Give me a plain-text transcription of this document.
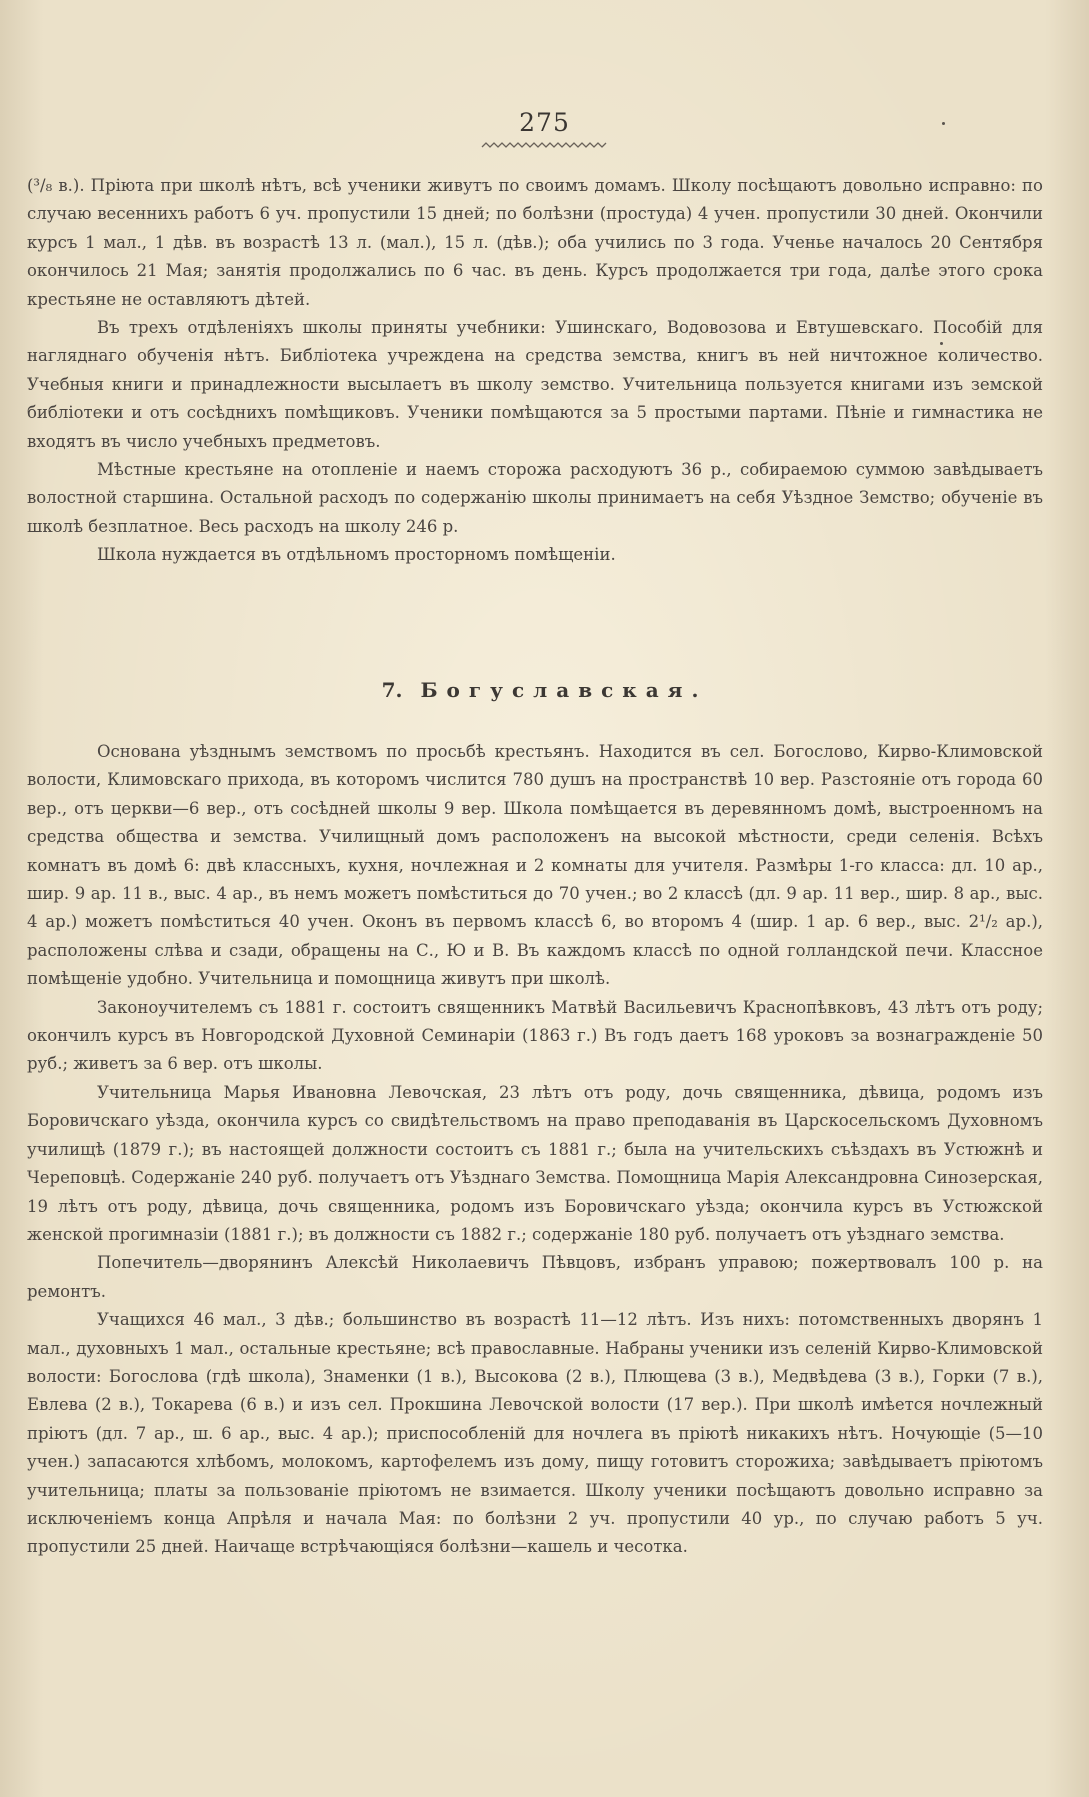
275

(³/₈ в.). Пріюта при школѣ нѣтъ, всѣ ученики живутъ по своимъ домамъ. Школу посѣщаютъ довольно исправно: по случаю весеннихъ работъ 6 уч. пропустили 15 дней; по болѣзни (простуда) 4 учен. пропустили 30 дней. Окончили курсъ 1 мал., 1 дѣв. въ возрастѣ 13 л. (мал.), 15 л. (дѣв.); оба учились по 3 года. Ученье началось 20 Сентября окончилось 21 Мая; занятія продолжались по 6 час. въ день. Курсъ продолжается три года, далѣе этого срока крестьяне не оставляютъ дѣтей.

Въ трехъ отдѣленіяхъ школы приняты учебники: Ушинскаго, Водовозова и Евтушевскаго. Пособій для нагляднаго обученія нѣтъ. Библіотека учреждена на средства земства, книгъ въ ней ничтожное количество. Учебныя книги и принадлежности высылаетъ въ школу земство. Учительница пользуется книгами изъ земской библіотеки и отъ сосѣднихъ помѣщиковъ. Ученики помѣщаются за 5 простыми партами. Пѣніе и гимнастика не входятъ въ число учебныхъ предметовъ.

Мѣстные крестьяне на отопленіе и наемъ сторожа расходуютъ 36 р., собираемою суммою завѣдываетъ волостной старшина. Остальной расходъ по содержанію школы принимаетъ на себя Уѣздное Земство; обученіе въ школѣ безплатное. Весь расходъ на школу 246 р.

Школа нуждается въ отдѣльномъ просторномъ помѣщеніи.

7. Богуславская.

Основана уѣзднымъ земствомъ по просьбѣ крестьянъ. Находится въ сел. Богослово, Кирво-Климовской волости, Климовскаго прихода, въ которомъ числится 780 душъ на пространствѣ 10 вер. Разстояніе отъ города 60 вер., отъ церкви—6 вер., отъ сосѣдней школы 9 вер. Школа помѣщается въ деревянномъ домѣ, выстроенномъ на средства общества и земства. Училищный домъ расположенъ на высокой мѣстности, среди селенія. Всѣхъ комнатъ въ домѣ 6: двѣ классныхъ, кухня, ночлежная и 2 комнаты для учителя. Размѣры 1-го класса: дл. 10 ар., шир. 9 ар. 11 в., выс. 4 ар., въ немъ можетъ помѣститься до 70 учен.; во 2 классѣ (дл. 9 ар. 11 вер., шир. 8 ар., выс. 4 ар.) можетъ помѣститься 40 учен. Оконъ въ первомъ классѣ 6, во второмъ 4 (шир. 1 ар. 6 вер., выс. 2¹/₂ ар.), расположены слѣва и сзади, обращены на С., Ю и В. Въ каждомъ классѣ по одной голландской печи. Классное помѣщеніе удобно. Учительница и помощница живутъ при школѣ.

Законоучителемъ съ 1881 г. состоитъ священникъ Матвѣй Васильевичъ Краснопѣвковъ, 43 лѣтъ отъ роду; окончилъ курсъ въ Новгородской Духовной Семинаріи (1863 г.) Въ годъ даетъ 168 уроковъ за вознагражденіе 50 руб.; живетъ за 6 вер. отъ школы.

Учительница Марья Ивановна Левочская, 23 лѣтъ отъ роду, дочь священника, дѣвица, родомъ изъ Боровичскаго уѣзда, окончила курсъ со свидѣтельствомъ на право преподаванія въ Царскосельскомъ Духовномъ училищѣ (1879 г.); въ настоящей должности состоитъ съ 1881 г.; была на учительскихъ съѣздахъ въ Устюжнѣ и Череповцѣ. Содержаніе 240 руб. получаетъ отъ Уѣзднаго Земства. Помощница Марія Александровна Синозерская, 19 лѣтъ отъ роду, дѣвица, дочь священника, родомъ изъ Боровичскаго уѣзда; окончила курсъ въ Устюжской женской прогимназіи (1881 г.); въ должности съ 1882 г.; содержаніе 180 руб. получаетъ отъ уѣзднаго земства.

Попечитель—дворянинъ Алексѣй Николаевичъ Пѣвцовъ, избранъ управою; пожертвовалъ 100 р. на ремонтъ.

Учащихся 46 мал., 3 дѣв.; большинство въ возрастѣ 11—12 лѣтъ. Изъ нихъ: потомственныхъ дворянъ 1 мал., духовныхъ 1 мал., остальные крестьяне; всѣ православные. Набраны ученики изъ селеній Кирво-Климовской волости: Богослова (гдѣ школа), Знаменки (1 в.), Высокова (2 в.), Плющева (3 в.), Медвѣдева (3 в.), Горки (7 в.), Евлева (2 в.), Токарева (6 в.) и изъ сел. Прокшина Левочской волости (17 вер.). При школѣ имѣется ночлежный пріютъ (дл. 7 ар., ш. 6 ар., выс. 4 ар.); приспособленій для ночлега въ пріютѣ никакихъ нѣтъ. Ночующіе (5—10 учен.) запасаются хлѣбомъ, молокомъ, картофелемъ изъ дому, пищу готовитъ сторожиха; завѣдываетъ пріютомъ учительница; платы за пользованіе пріютомъ не взимается. Школу ученики посѣщаютъ довольно исправно за исключеніемъ конца Апрѣля и начала Мая: по болѣзни 2 уч. пропустили 40 ур., по случаю работъ 5 уч. пропустили 25 дней. Наичаще встрѣчающіяся болѣзни—кашель и чесотка.
